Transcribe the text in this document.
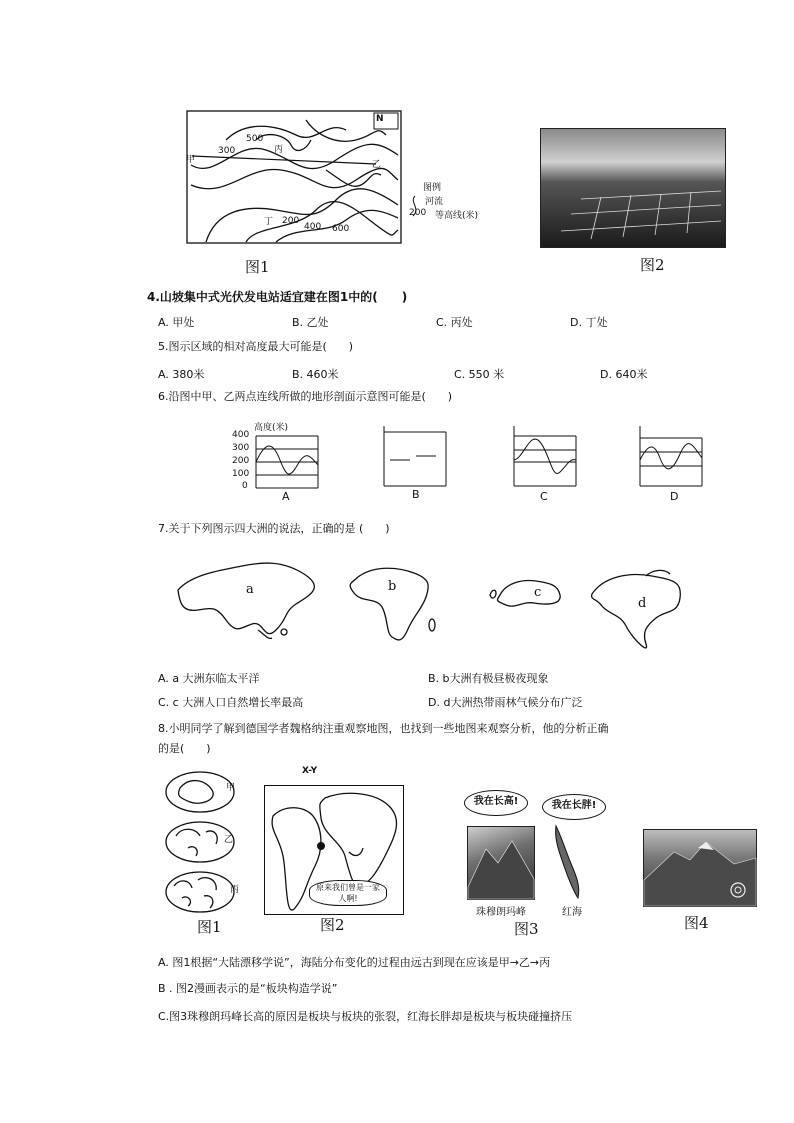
N
甲	乙
丙
丁
300
500
200
400 600
图例
河流
200 等高线(米)
图1	图2
4.山坡集中式光伏发电站适宜建在图1中的(　　)
A. 甲处	B. 乙处	C. 丙处	D. 丁处
5.图示区域的相对高度最大可能是(　　)
A. 380米	B. 460米	C. 550 米	D. 640米
6.沿图中甲、乙两点连线所做的地形剖面示意图可能是(　　)
高度(米)
400
300
200
100
0
A	B	C	D
7.关于下列图示四大洲的说法，正确的是 (　　)
a	b	c
d
A. a 大洲东临太平洋	B. b大洲有极昼极夜现象
C. c 大洲人口自然增长率最高	D. d大洲热带雨林气候分布广泛
8.小明同学了解到德国学者魏格纳注重观察地图，也找到一些地图来观察分析，他的分析正确
的是(　　)
甲
乙
丙
图1
X-Y
原来我们曾是一家人啊!
图2
我在长高!	我在长胖!
珠穆朗玛峰	红海
图3	图4
A. 图1根据“大陆漂移学说”，海陆分布变化的过程由远古到现在应该是甲→乙→丙
B . 图2漫画表示的是“板块构造学说”
C.图3珠穆朗玛峰长高的原因是板块与板块的张裂，红海长胖却是板块与板块碰撞挤压
